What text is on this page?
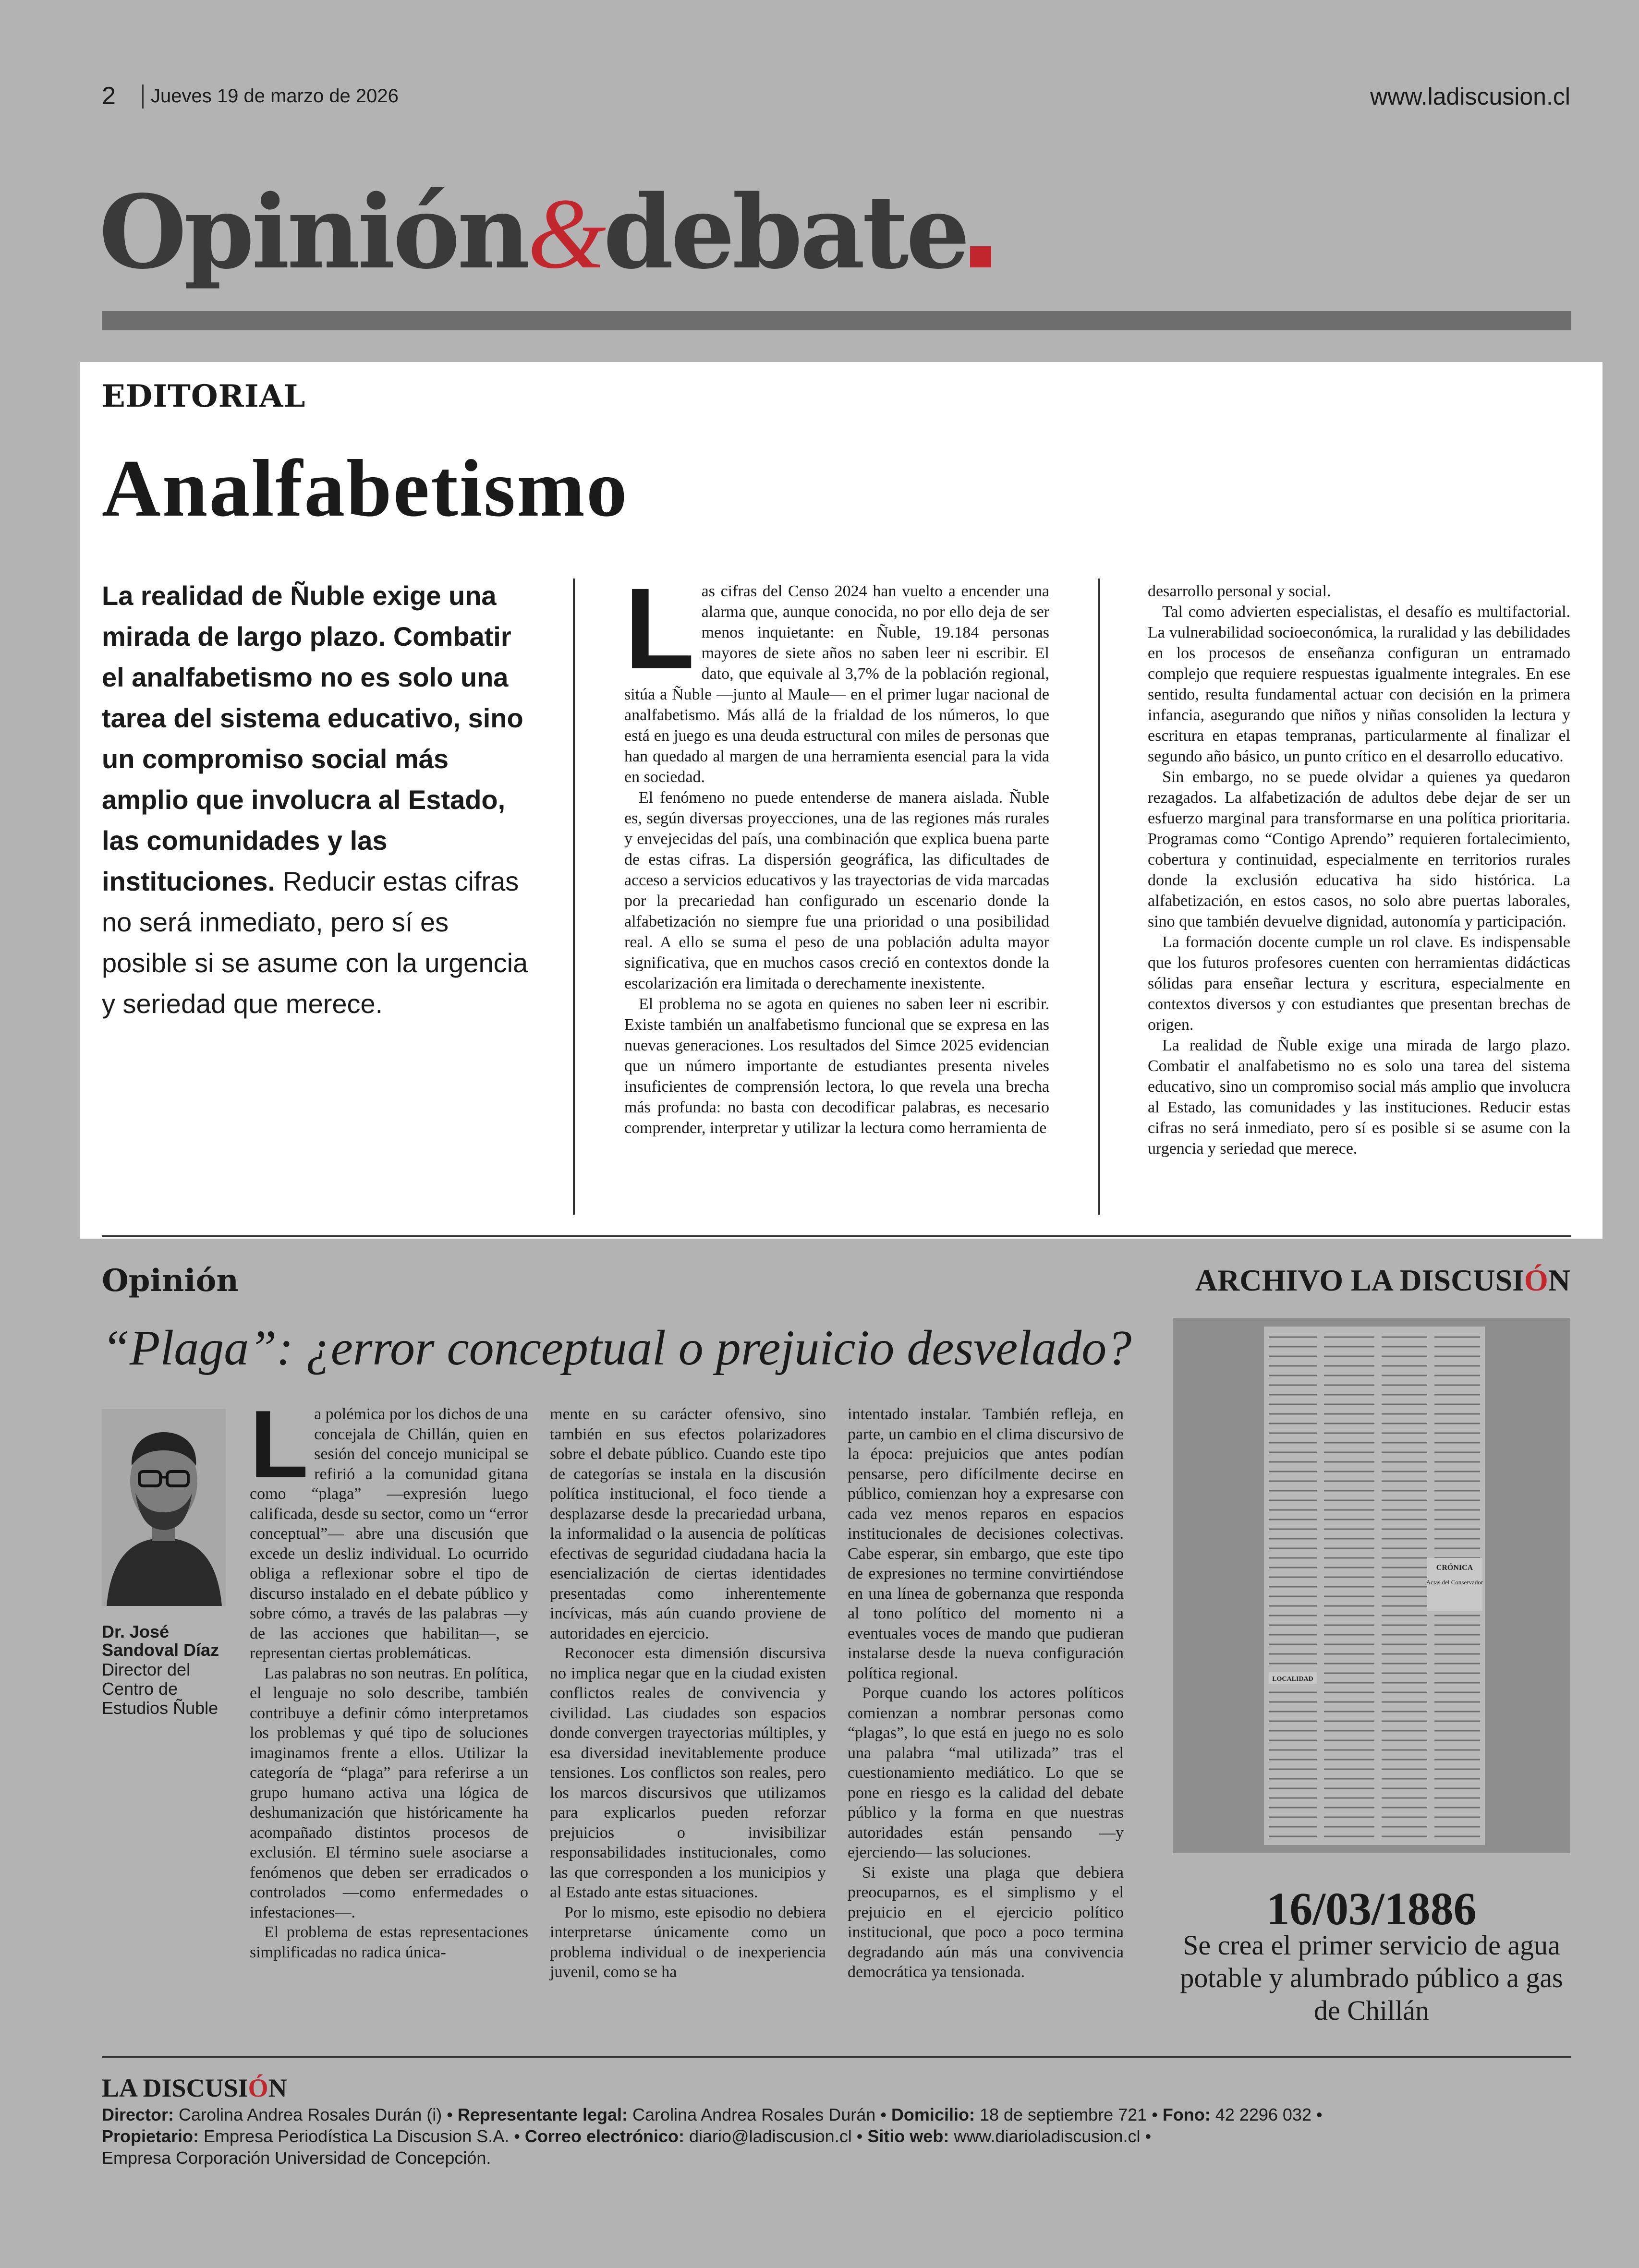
2 Jueves 19 de marzo de 2026	www.ladiscusion.cl
Opinión&debate
EDITORIAL
Analfabetismo
La realidad de Ñuble exige una mirada de largo plazo. Combatir el analfabetismo no es solo una tarea del sistema educativo, sino un compromiso social más amplio que involucra al Estado, las comunidades y las instituciones. Reducir estas cifras no será inmediato, pero sí es posible si se asume con la urgencia y seriedad que merece.

Las cifras del Censo 2024 han vuelto a encender una alarma que, aunque conocida, no por ello deja de ser menos inquietante: en Ñuble, 19.184 personas mayores de siete años no saben leer ni escribir. El dato, que equivale al 3,7% de la población regional, sitúa a Ñuble —junto al Maule— en el primer lugar nacional de analfabetismo. Más allá de la frialdad de los números, lo que está en juego es una deuda estructural con miles de personas que han quedado al margen de una herramienta esencial para la vida en sociedad.

El fenómeno no puede entenderse de manera aislada. Ñuble es, según diversas proyecciones, una de las regiones más rurales y envejecidas del país, una combinación que explica buena parte de estas cifras. La dispersión geográfica, las dificultades de acceso a servicios educativos y las trayectorias de vida marcadas por la precariedad han configurado un escenario donde la alfabetización no siempre fue una prioridad o una posibilidad real. A ello se suma el peso de una población adulta mayor significativa, que en muchos casos creció en contextos donde la escolarización era limitada o derechamente inexistente.

El problema no se agota en quienes no saben leer ni escribir. Existe también un analfabetismo funcional que se expresa en las nuevas generaciones. Los resultados del Simce 2025 evidencian que un número importante de estudiantes presenta niveles insuficientes de comprensión lectora, lo que revela una brecha más profunda: no basta con decodificar palabras, es necesario comprender, interpretar y utilizar la lectura como herramienta de

desarrollo personal y social.

Tal como advierten especialistas, el desafío es multifactorial. La vulnerabilidad socioeconómica, la ruralidad y las debilidades en los procesos de enseñanza configuran un entramado complejo que requiere respuestas igualmente integrales. En ese sentido, resulta fundamental actuar con decisión en la primera infancia, asegurando que niños y niñas consoliden la lectura y escritura en etapas tempranas, particularmente al finalizar el segundo año básico, un punto crítico en el desarrollo educativo.

Sin embargo, no se puede olvidar a quienes ya quedaron rezagados. La alfabetización de adultos debe dejar de ser un esfuerzo marginal para transformarse en una política prioritaria. Programas como “Contigo Aprendo” requieren fortalecimiento, cobertura y continuidad, especialmente en territorios rurales donde la exclusión educativa ha sido histórica. La alfabetización, en estos casos, no solo abre puertas laborales, sino que también devuelve dignidad, autonomía y participación.

La formación docente cumple un rol clave. Es indispensable que los futuros profesores cuenten con herramientas didácticas sólidas para enseñar lectura y escritura, especialmente en contextos diversos y con estudiantes que presentan brechas de origen.

La realidad de Ñuble exige una mirada de largo plazo. Combatir el analfabetismo no es solo una tarea del sistema educativo, sino un compromiso social más amplio que involucra al Estado, las comunidades y las instituciones. Reducir estas cifras no será inmediato, pero sí es posible si se asume con la urgencia y seriedad que merece.

Opinión
“Plaga”: ¿error conceptual o prejuicio desvelado?
Dr. José Sandoval Díaz
Director del Centro de Estudios Ñuble

La polémica por los dichos de una concejala de Chillán, quien en sesión del concejo municipal se refirió a la comunidad gitana como “plaga” —expresión luego calificada, desde su sector, como un “error conceptual”— abre una discusión que excede un desliz individual. Lo ocurrido obliga a reflexionar sobre el tipo de discurso instalado en el debate público y sobre cómo, a través de las palabras —y de las acciones que habilitan—, se representan ciertas problemáticas.

Las palabras no son neutras. En política, el lenguaje no solo describe, también contribuye a definir cómo interpretamos los problemas y qué tipo de soluciones imaginamos frente a ellos. Utilizar la categoría de “plaga” para referirse a un grupo humano activa una lógica de deshumanización que históricamente ha acompañado distintos procesos de exclusión. El término suele asociarse a fenómenos que deben ser erradicados o controlados —como enfermedades o infestaciones—.

El problema de estas representaciones simplificadas no radica única-

mente en su carácter ofensivo, sino también en sus efectos polarizadores sobre el debate público. Cuando este tipo de categorías se instala en la discusión política institucional, el foco tiende a desplazarse desde la precariedad urbana, la informalidad o la ausencia de políticas efectivas de seguridad ciudadana hacia la esencialización de ciertas identidades presentadas como inherentemente incívicas, más aún cuando proviene de autoridades en ejercicio.

Reconocer esta dimensión discursiva no implica negar que en la ciudad existen conflictos reales de convivencia y civilidad. Las ciudades son espacios donde convergen trayectorias múltiples, y esa diversidad inevitablemente produce tensiones. Los conflictos son reales, pero los marcos discursivos que utilizamos para explicarlos pueden reforzar prejuicios o invisibilizar responsabilidades institucionales, como las que corresponden a los municipios y al Estado ante estas situaciones.

Por lo mismo, este episodio no debiera interpretarse únicamente como un problema individual o de inexperiencia juvenil, como se ha

intentado instalar. También refleja, en parte, un cambio en el clima discursivo de la época: prejuicios que antes podían pensarse, pero difícilmente decirse en público, comienzan hoy a expresarse con cada vez menos reparos en espacios institucionales de decisiones colectivas. Cabe esperar, sin embargo, que este tipo de expresiones no termine convirtiéndose en una línea de gobernanza que responda al tono político del momento ni a eventuales voces de mando que pudieran instalarse desde la nueva configuración política regional.

Porque cuando los actores políticos comienzan a nombrar personas como “plagas”, lo que está en juego no es solo una palabra “mal utilizada” tras el cuestionamiento mediático. Lo que se pone en riesgo es la calidad del debate público y la forma en que nuestras autoridades están pensando —y ejerciendo— las soluciones.

Si existe una plaga que debiera preocuparnos, es el simplismo y el prejuicio en el ejercicio político institucional, que poco a poco termina degradando aún más una convivencia democrática ya tensionada.

ARCHIVO LA DISCUSIÓN
CRÓNICA
Actas del Conservador
LOCALIDAD
16/03/1886
Se crea el primer servicio de agua potable y alumbrado público a gas de Chillán
LA DISCUSIÓN
Director: Carolina Andrea Rosales Durán (i) • Representante legal: Carolina Andrea Rosales Durán • Domicilio: 18 de septiembre 721 • Fono: 42 2296 032 •
Propietario: Empresa Periodística La Discusion S.A. • Correo electrónico: diario@ladiscusion.cl • Sitio web: www.diarioladiscusion.cl •
Empresa Corporación Universidad de Concepción.
